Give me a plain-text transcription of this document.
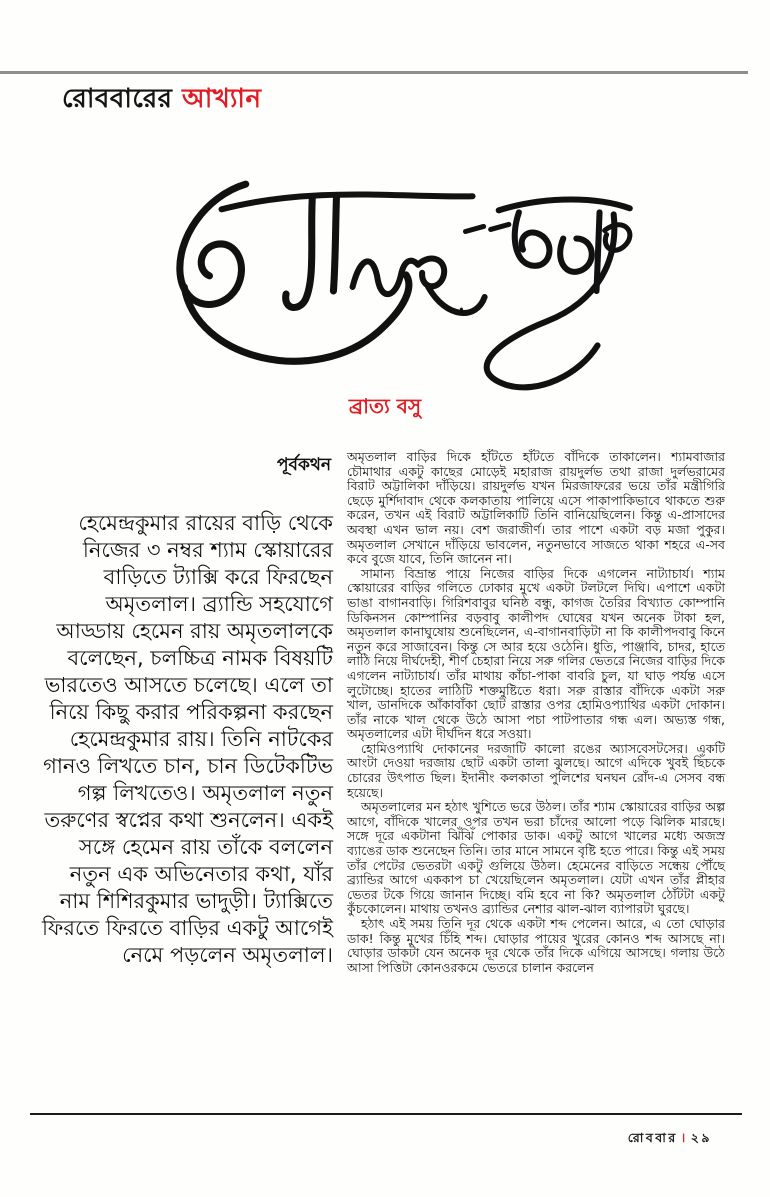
রোববারের আখ্যান
ব্রাত্য বসু
পূর্বকথন
হেমেন্দ্রকুমার রায়ের বাড়ি থেকে নিজের ৩ নম্বর শ্যাম স্কোয়ারের বাড়িতে ট্যাক্সি করে ফিরছেন অমৃতলাল। ব্র্যান্ডি সহযোগে আড্ডায় হেমেন রায় অমৃতলালকে বলেছেন, চলচ্চিত্র নামক বিষয়টি ভারতেও আসতে চলেছে। এলে তা নিয়ে কিছু করার পরিকল্পনা করছেন হেমেন্দ্রকুমার রায়। তিনি নাটকের গানও লিখতে চান, চান ডিটেকটিভ গল্প লিখতেও। অমৃতলাল নতুন তরুণের স্বপ্নের কথা শুনলেন। একই সঙ্গে হেমেন রায় তাঁকে বললেন নতুন এক অভিনেতার কথা, যাঁর নাম শিশিরকুমার ভাদুড়ী। ট্যাক্সিতে ফিরতে ফিরতে বাড়ির একটু আগেই নেমে পড়লেন অমৃতলাল।

অমৃতলাল বাড়ির দিকে হাঁটতে হাঁটতে বাঁদিকে তাকালেন। শ্যামবাজার চৌমাথার একটু কাছের মোড়েই মহারাজ রায়দুর্লভ তথা রাজা দুর্লভরামের বিরাট অট্টালিকা দাঁড়িয়ে। রায়দুর্লভ যখন মিরজাফরের ভয়ে তাঁর মন্ত্রীগিরি ছেড়ে মুর্শিদাবাদ থেকে কলকাতায় পালিয়ে এসে পাকাপাকিভাবে থাকতে শুরু করেন, তখন এই বিরাট অট্টালিকাটি তিনি বানিয়েছিলেন। কিন্তু এ-প্রাসাদের অবস্থা এখন ভাল নয়। বেশ জরাজীর্ণ। তার পাশে একটা বড় মজা পুকুর। অমৃতলাল সেখানে দাঁড়িয়ে ভাবলেন, নতুনভাবে সাজতে থাকা শহরে এ-সব কবে বুজে যাবে, তিনি জানেন না।

সামান্য বিভ্রান্ত পায়ে নিজের বাড়ির দিকে এগলেন নাট্যাচার্য। শ্যাম স্কোয়ারের বাড়ির গলিতে ঢোকার মুখে একটা টলটলে দিঘি। এপাশে একটা ভাঙা বাগানবাড়ি। গিরিশবাবুর ঘনিষ্ঠ বন্ধু, কাগজ তৈরির বিখ্যাত কোম্পানি ডিকিনসন কোম্পানির বড়বাবু কালীপদ ঘোষের যখন অনেক টাকা হল, অমৃতলাল কানাঘুষোয় শুনেছিলেন, এ-বাগানবাড়িটা না কি কালীপদবাবু কিনে নতুন করে সাজাবেন। কিন্তু সে আর হয়ে ওঠেনি। ধুতি, পাঞ্জাবি, চাদর, হাতে লাঠি নিয়ে দীর্ঘদেহী, শীর্ণ চেহারা নিয়ে সরু গলির ভেতরে নিজের বাড়ির দিকে এগলেন নাট্যাচার্য। তাঁর মাথায় কাঁচা-পাকা বাবরি চুল, যা ঘাড় পর্যন্ত এসে লুটোচ্ছে। হাতের লাঠিটি শক্তমুষ্টিতে ধরা। সরু রাস্তার বাঁদিকে একটা সরু খাল, ডানদিকে আঁকাবাঁকা ছোট রাস্তার ওপর হোমিওপ্যাথির একটা দোকান। তাঁর নাকে খাল থেকে উঠে আসা পচা পাটপাতার গন্ধ এল। অভ্যস্ত গন্ধ, অমৃতলালের এটা দীর্ঘদিন ধরে সওয়া।

হোমিওপ্যাথি দোকানের দরজাটি কালো রঙের অ্যাসবেসটসের। একটি আংটা দেওয়া দরজায় ছোট একটা তালা ঝুলছে। আগে এদিকে খুবই ছিঁচকে চোরের উৎপাত ছিল। ইদানীং কলকাতা পুলিশের ঘনঘন রোঁদ-এ সেসব বন্ধ হয়েছে।

অমৃতলালের মন হঠাৎ খুশিতে ভরে উঠল। তাঁর শ্যাম স্কোয়ারের বাড়ির অল্প আগে, বাঁদিকে খালের ওপর তখন ভরা চাঁদের আলো পড়ে ঝিলিক মারছে। সঙ্গে দূরে একটানা ঝিঁঝিঁ পোকার ডাক। একটু আগে খালের মধ্যে অজস্র ব্যাঙের ডাক শুনেছেন তিনি। তার মানে সামনে বৃষ্টি হতে পারে। কিন্তু এই সময় তাঁর পেটের ভেতরটা একটু গুলিয়ে উঠল। হেমেনের বাড়িতে সন্ধেয় পৌঁছে ব্র্যান্ডির আগে এককাপ চা খেয়েছিলেন অমৃতলাল। যেটা এখন তাঁর প্লীহার ভেতর টকে গিয়ে জানান দিচ্ছে। বমি হবে না কি? অমৃতলাল ঠোঁটটা একটু কুঁচকোলেন। মাথায় তখনও ব্র্যান্ডির নেশার ঝাল-ঝাল ব্যাপারটা ঘুরছে।

হঠাৎ এই সময় তিনি দূর থেকে একটা শব্দ পেলেন। আরে, এ তো ঘোড়ার ডাক! কিন্তু মুখের চিঁহি শব্দ। ঘোড়ার পায়ের খুরের কোনও শব্দ আসছে না। ঘোড়ার ডাকটা যেন অনেক দূর থেকে তাঁর দিকে এগিয়ে আসছে। গলায় উঠে আসা পিত্তিটা কোনওরকমে ভেতরে চালান করলেন

রোববার । ২৯
